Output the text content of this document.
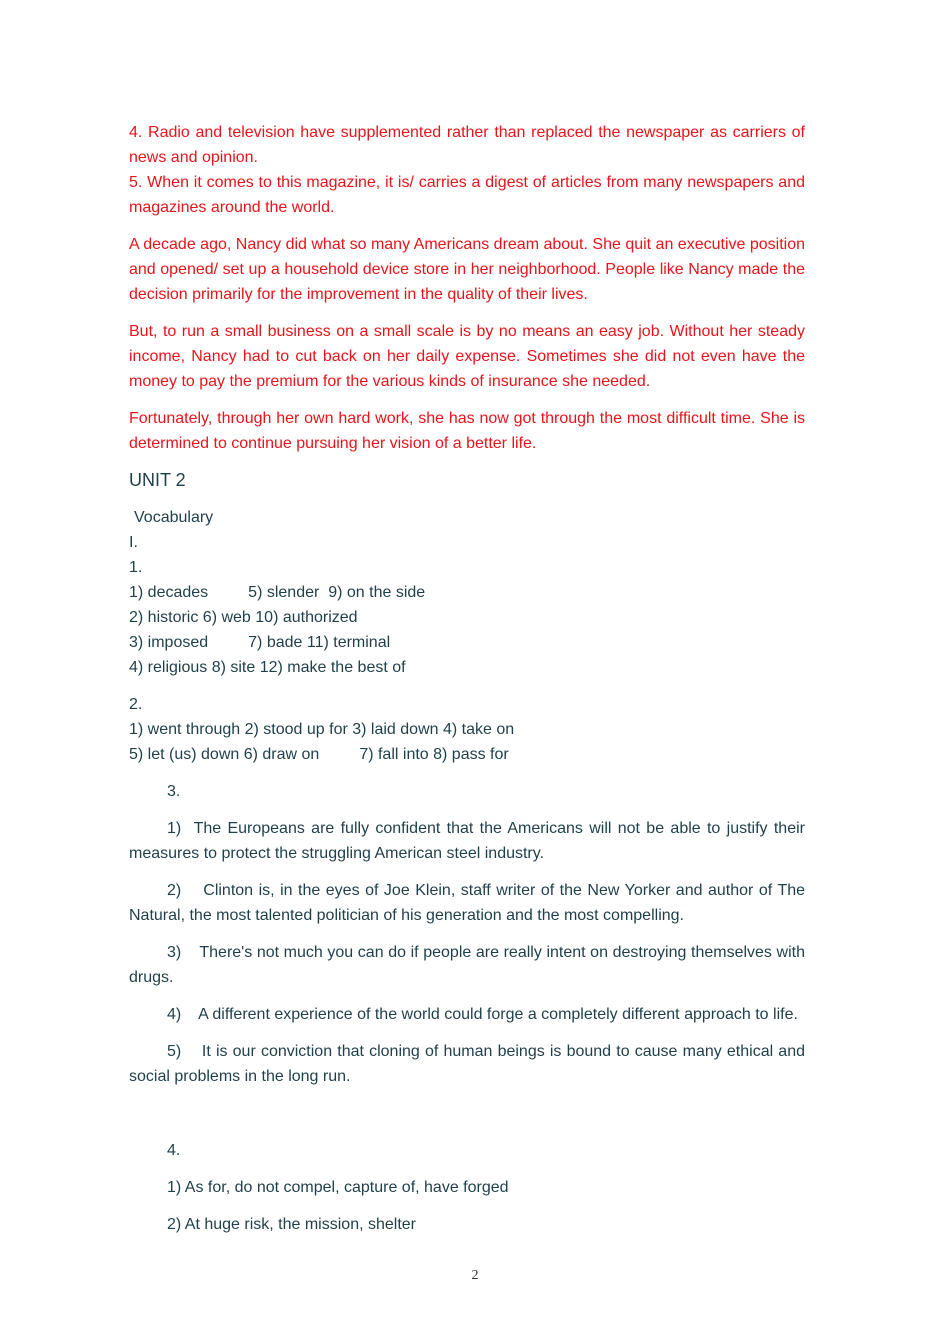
4. Radio and television have supplemented rather than replaced the newspaper as carriers of news and opinion.
5. When it comes to this magazine, it is/ carries a digest of articles from many newspapers and magazines around the world.

A decade ago, Nancy did what so many Americans dream about. She quit an executive position and opened/ set up a household device store in her neighborhood. People like Nancy made the decision primarily for the improvement in the quality of their lives.

But, to run a small business on a small scale is by no means an easy job. Without her steady income, Nancy had to cut back on her daily expense. Sometimes she did not even have the money to pay the premium for the various kinds of insurance she needed.

Fortunately, through her own hard work, she has now got through the most difficult time. She is determined to continue pursuing her vision of a better life.

UNIT 2
Vocabulary
I.
1.
1) decades         5) slender  9) on the side
2) historic 6) web 10) authorized
3) imposed         7) bade 11) terminal
4) religious 8) site 12) make the best of
2.
1) went through 2) stood up for 3) laid down 4) take on
5) let (us) down 6) draw on         7) fall into 8) pass for
3.

1) The Europeans are fully confident that the Americans will not be able to justify their measures to protect the struggling American steel industry.

2) Clinton is, in the eyes of Joe Klein, staff writer of the New Yorker and author of The Natural, the most talented politician of his generation and the most compelling.

3) There's not much you can do if people are really intent on destroying themselves with drugs.

4) A different experience of the world could forge a completely different approach to life.

5) It is our conviction that cloning of human beings is bound to cause many ethical and social problems in the long run.

4.
1) As for, do not compel, capture of, have forged
2) At huge risk, the mission, shelter
2
